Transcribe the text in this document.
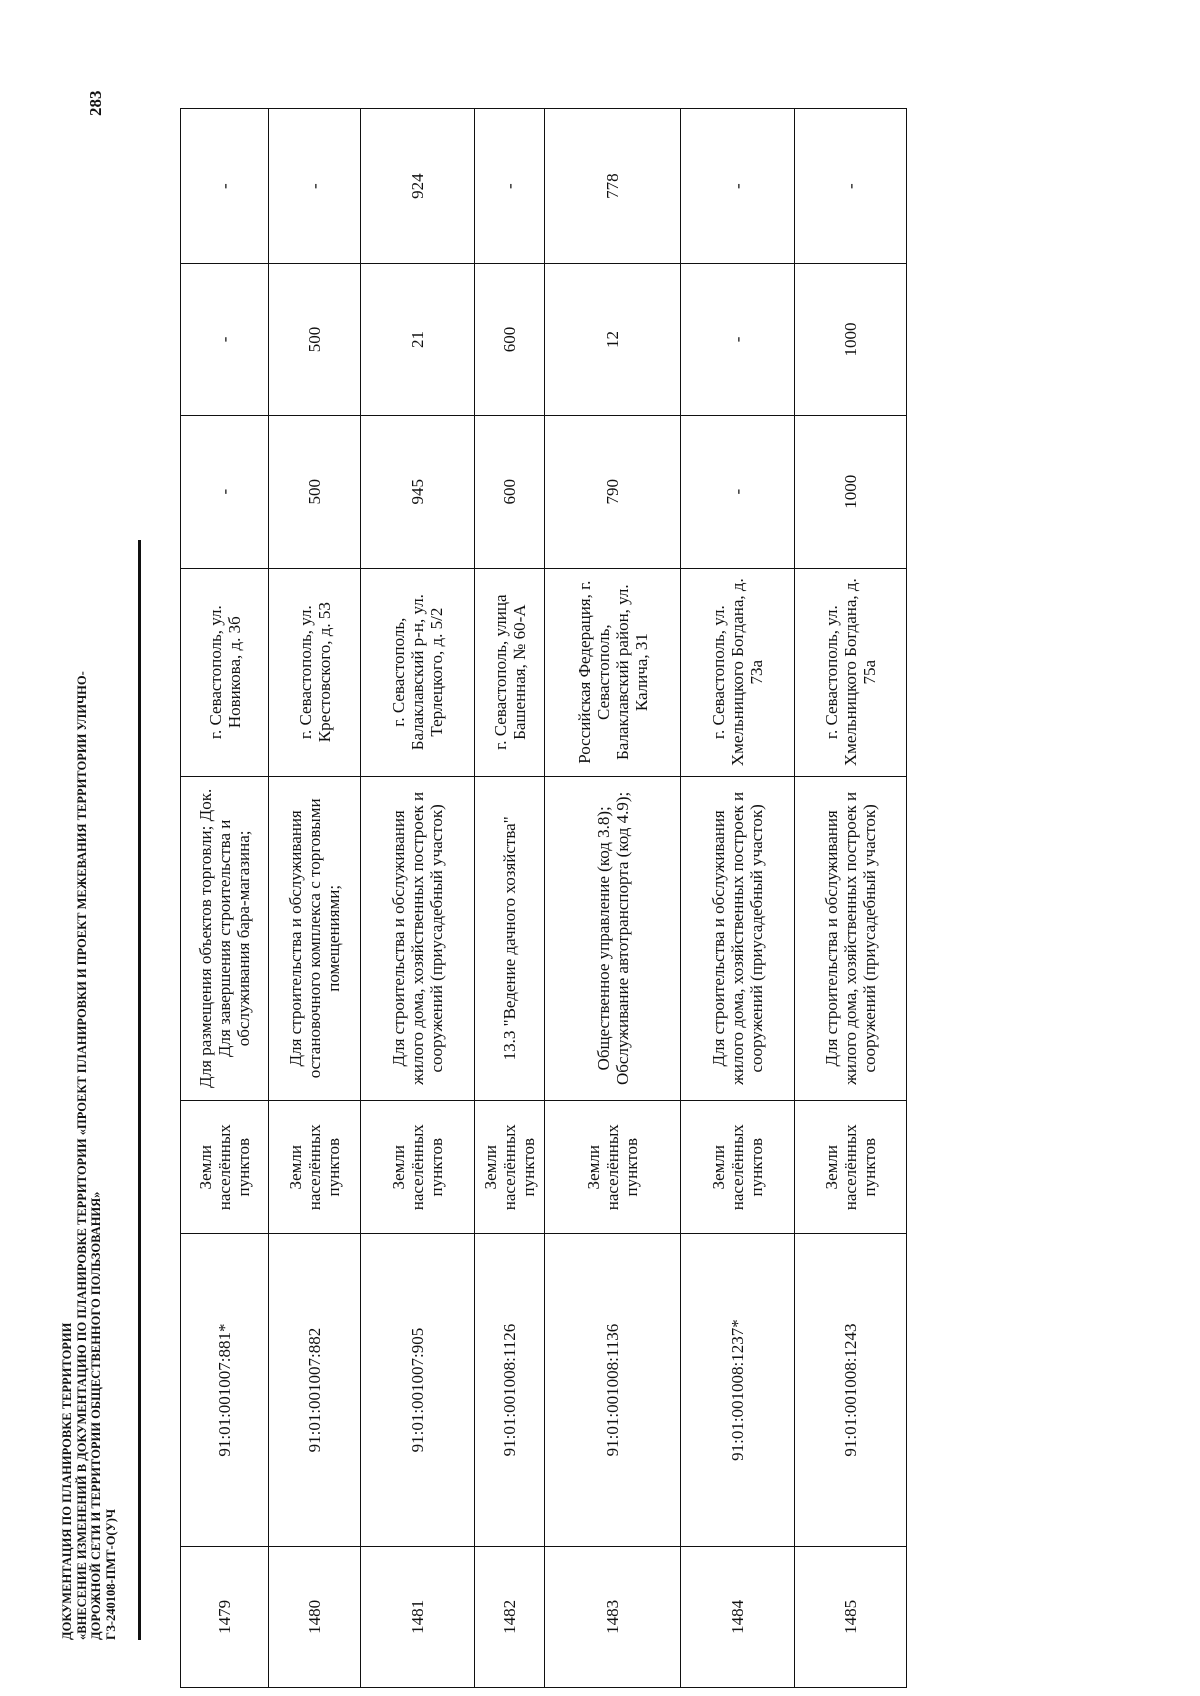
ДОКУМЕНТАЦИЯ ПО ПЛАНИРОВКЕ ТЕРРИТОРИИ «ВНЕСЕНИЕ ИЗМЕНЕНИЙ В ДОКУМЕНТАЦИЮ ПО ПЛАНИРОВКЕ ТЕРРИТОРИИ «ПРОЕКТ ПЛАНИРОВКИ И ПРОЕКТ МЕЖЕВАНИЯ ТЕРРИТОРИИ УЛИЧНО- ДОРОЖНОЙ СЕТИ И ТЕРРИТОРИИ ОБЩЕСТВЕННОГО ПОЛЬЗОВАНИЯ» ГЗ-240108-ПМТ-О(У)Ч
283
1479	91:01:001007:881*	Земли населённых пунктов	Для размещения объектов торговли; Док. Для завершения строительства и обслуживания бара-магазина;	г. Севастополь, ул. Новикова, д. 3б	-	-	-
1480	91:01:001007:882	Земли населённых пунктов	Для строительства и обслуживания остановочного комплекса с торговыми помещениями;	г. Севастополь, ул. Крестовского, д. 53	500	500	-
1481	91:01:001007:905	Земли населённых пунктов	Для строительства и обслуживания жилого дома, хозяйственных построек и сооружений (приусадебный участок)	г. Севастополь, Балаклавский р-н, ул. Терлецкого, д. 5/2	945	21	924
1482	91:01:001008:1126	Земли населённых пунктов	13.3 "Ведение дачного хозяйства"	г. Севастополь, улица Башенная, № 60-А	600	600	-
1483	91:01:001008:1136	Земли населённых пунктов	Общественное управление (код 3.8); Обслуживание автотранспорта (код 4.9);	Российская Федерация, г. Севастополь, Балаклавский район, ул. Калича, 31	790	12	778
1484	91:01:001008:1237*	Земли населённых пунктов	Для строительства и обслуживания жилого дома, хозяйственных построек и сооружений (приусадебный участок)	г. Севастополь, ул. Хмельницкого Богдана, д. 73а	-	-	-
1485	91:01:001008:1243	Земли населённых пунктов	Для строительства и обслуживания жилого дома, хозяйственных построек и сооружений (приусадебный участок)	г. Севастополь, ул. Хмельницкого Богдана, д. 75а	1000	1000	-
